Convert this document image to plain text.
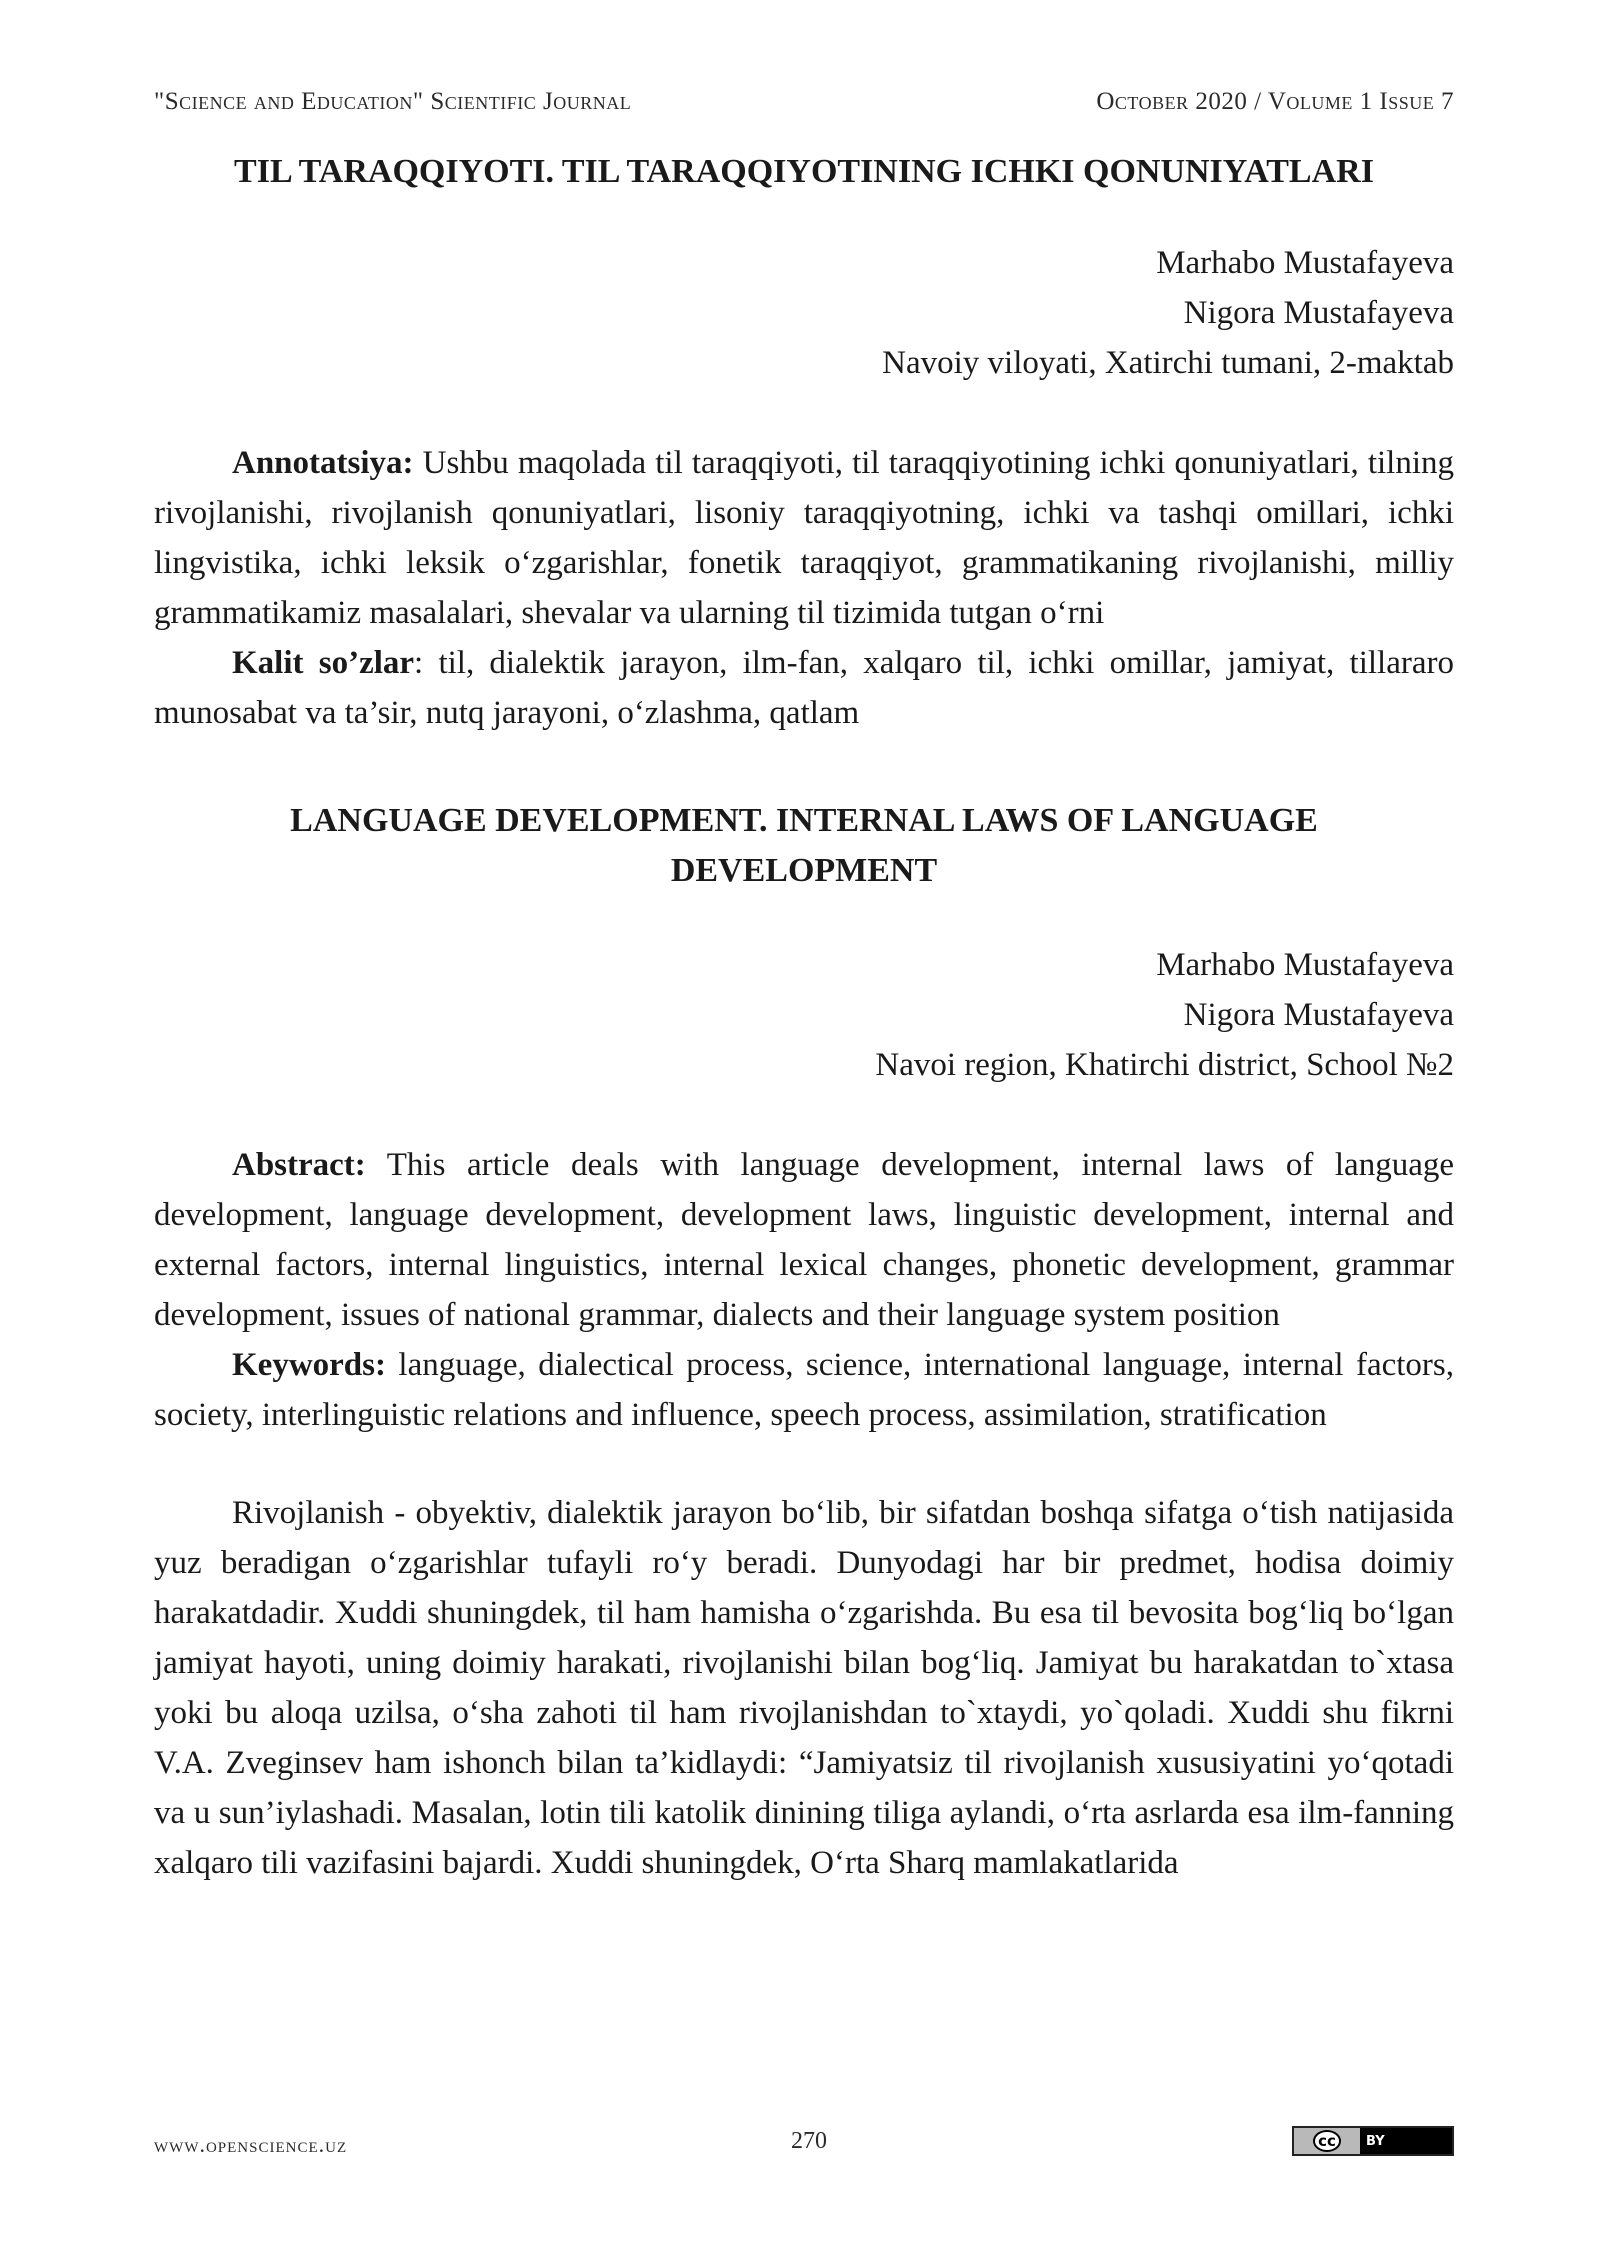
"Science and Education" Scientific Journal	October 2020 / Volume 1 Issue 7
TIL TARAQQIYOTI. TIL TARAQQIYOTINING ICHKI QONUNIYATLARI

Marhabo Mustafayeva

Nigora Mustafayeva

Navoiy viloyati, Xatirchi tumani, 2-maktab

Annotatsiya: Ushbu maqolada til taraqqiyoti, til taraqqiyotining ichki qonuniyatlari, tilning rivojlanishi, rivojlanish qonuniyatlari, lisoniy taraqqiyotning, ichki va tashqi omillari, ichki lingvistika, ichki leksik o‘zgarishlar, fonetik taraqqiyot, grammatikaning rivojlanishi, milliy grammatikamiz masalalari, shevalar va ularning til tizimida tutgan o‘rni

Kalit so’zlar: til, dialektik jarayon, ilm-fan, xalqaro til, ichki omillar, jamiyat, tillararo munosabat va ta’sir, nutq jarayoni, o‘zlashma, qatlam

LANGUAGE DEVELOPMENT. INTERNAL LAWS OF LANGUAGE DEVELOPMENT

Marhabo Mustafayeva

Nigora Mustafayeva

Navoi region, Khatirchi district, School №2

Abstract: This article deals with language development, internal laws of language development, language development, development laws, linguistic development, internal and external factors, internal linguistics, internal lexical changes, phonetic development, grammar development, issues of national grammar, dialects and their language system position

Keywords: language, dialectical process, science, international language, internal factors, society, interlinguistic relations and influence, speech process, assimilation, stratification

Rivojlanish - obyektiv, dialektik jarayon bo‘lib, bir sifatdan boshqa sifatga o‘tish natijasida yuz beradigan o‘zgarishlar tufayli ro‘y beradi. Dunyodagi har bir predmet, hodisa doimiy harakatdadir. Xuddi shuningdek, til ham hamisha o‘zgarishda. Bu esa til bevosita bog‘liq bo‘lgan jamiyat hayoti, uning doimiy harakati, rivojlanishi bilan bog‘liq. Jamiyat bu harakatdan to`xtasa yoki bu aloqa uzilsa, o‘sha zahoti til ham rivojlanishdan to`xtaydi, yo`qoladi. Xuddi shu fikrni V.A. Zveginsev ham ishonch bilan ta’kidlaydi: “Jamiyatsiz til rivojlanish xususiyatini yo‘qotadi va u sun’iylashadi. Masalan, lotin tili katolik dinining tiliga aylandi, o‘rta asrlarda esa ilm-fanning xalqaro tili vazifasini bajardi. Xuddi shuningdek, O‘rta Sharq mamlakatlarida

www.openscience.uz	270	cc	BY
